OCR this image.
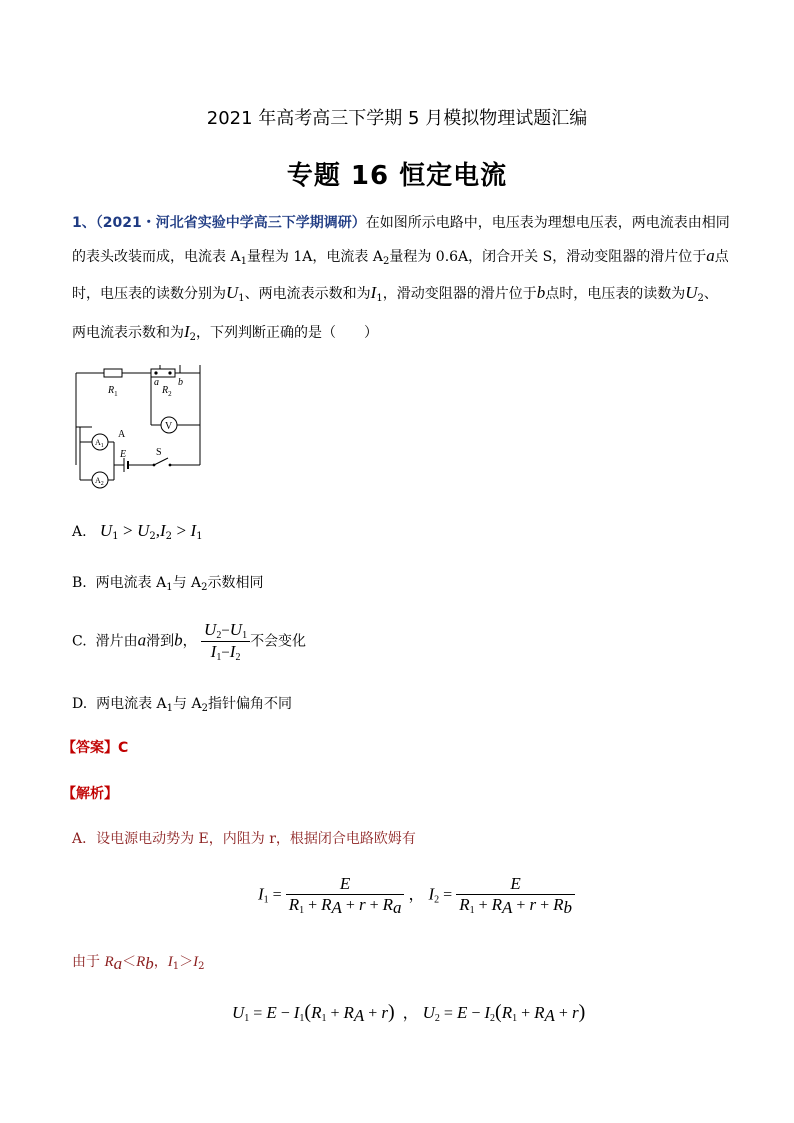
2021 年高考高三下学期 5 月模拟物理试题汇编
专题 16 恒定电流
1、（2021・河北省实验中学高三下学期调研）在如图所示电路中，电压表为理想电压表，两电流表由相同
的表头改装而成，电流表 $A_1$量程为 1A，电流表 $A_2$量程为 0.6A，闭合开关 S，滑动变阻器的滑片位于a点
时，电压表的读数分别为$U_1$、两电流表示数和为$I_1$，滑动变阻器的滑片位于b点时，电压表的读数为$U_2$、
两电流表示数和为$I_2$，下列判断正确的是（　　）
a b
$R_1$	$R_2$
V
A
E	S
$A_1$
$A_2$
A. $U_1 > U_2,I_2 > I_1$
B. 两电流表 $A_1$与 $A_2$示数相同
C. 滑片由a滑到b， $\frac{U_2-U_1}{I_1-I_2}$ 不会变化
D. 两电流表 $A_1$与 $A_2$指针偏角不同
【答案】C
【解析】
A．设电源电动势为 E，内阻为 r，根据闭合电路欧姆有
$I_1 = \frac{E}{R_1 + R_A + r + R_a}$ ， $I_2 = \frac{E}{R_1 + R_A + r + R_b}$
由于 $R_a<R_b$，$I_1>I_2$
$U_1 = E - I_1(R_1 + R_A + r)$ ， $U_2 = E - I_2(R_1 + R_A + r)$
